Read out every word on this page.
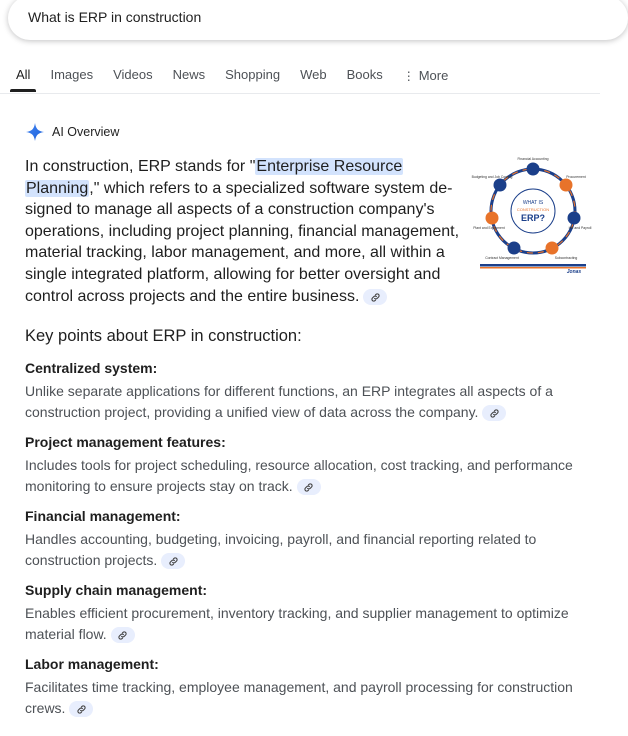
What is ERP in construction
All Images Videos News Shopping Web Books ⋮ More
AI Overview
In construction, ERP stands for "Enterprise Resource Planning," which refers to a specialized software system de-signed to manage all aspects of a construction company's operations, including project planning, financial management, material tracking, labor management, and more, all within a single integrated platform, allowing for better oversight and control across projects and the entire business.
WHAT IS
CONSTRUCTION
ERP?
Financial Accounting
Procurement
HR and Payroll
Subcontracting
Contract Management
Plant and Equipment
Budgeting and Job Costing
Jonas
Key points about ERP in construction:
Centralized system:
Unlike separate applications for different functions, an ERP integrates all aspects of a construction project, providing a unified view of data across the company.
Project management features:
Includes tools for project scheduling, resource allocation, cost tracking, and performance monitoring to ensure projects stay on track.
Financial management:
Handles accounting, budgeting, invoicing, payroll, and financial reporting related to construction projects.
Supply chain management:
Enables efficient procurement, inventory tracking, and supplier management to optimize material flow.
Labor management:
Facilitates time tracking, employee management, and payroll processing for construction crews.
